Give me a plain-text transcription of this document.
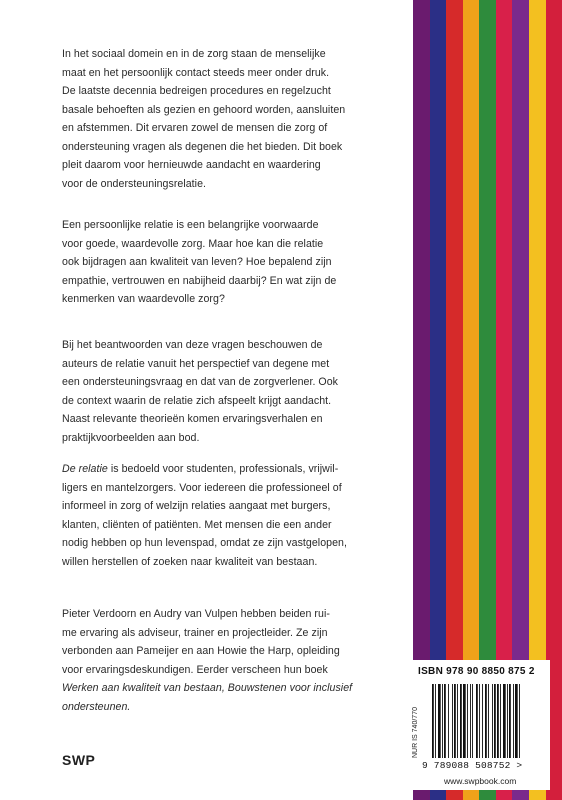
In het sociaal domein en in de zorg staan de menselijke

maat en het persoonlijk contact steeds meer onder druk.

De laatste decennia bedreigen procedures en regelzucht

basale behoeften als gezien en gehoord worden, aansluiten

en afstemmen. Dit ervaren zowel de mensen die zorg of

ondersteuning vragen als degenen die het bieden. Dit boek

pleit daarom voor hernieuwde aandacht en waardering

voor de ondersteuningsrelatie.

Een persoonlijke relatie is een belangrijke voorwaarde

voor goede, waardevolle zorg. Maar hoe kan die relatie

ook bijdragen aan kwaliteit van leven? Hoe bepalend zijn

empathie, vertrouwen en nabijheid daarbij? En wat zijn de

kenmerken van waardevolle zorg?

Bij het beantwoorden van deze vragen beschouwen de

auteurs de relatie vanuit het perspectief van degene met

een ondersteuningsvraag en dat van de zorgverlener. Ook

de context waarin de relatie zich afspeelt krijgt aandacht.

Naast relevante theorieën komen ervaringsverhalen en

praktijkvoorbeelden aan bod.

De relatie is bedoeld voor studenten, professionals, vrijwil-

ligers en mantelzorgers. Voor iedereen die professioneel of

informeel in zorg of welzijn relaties aangaat met burgers,

klanten, cliënten of patiënten. Met mensen die een ander

nodig hebben op hun levenspad, omdat ze zijn vastgelopen,

willen herstellen of zoeken naar kwaliteit van bestaan.

Pieter Verdoorn en Audry van Vulpen hebben beiden rui-

me ervaring als adviseur, trainer en projectleider. Ze zijn

verbonden aan Pameijer en aan Howie the Harp, opleiding

voor ervaringsdeskundigen. Eerder verscheen hun boek

Werken aan kwaliteit van bestaan, Bouwstenen voor inclusief

ondersteunen.

ISBN 978 90 8850 875 2
NUR IS 740/770
9 789088 508752 >
www.swpbook.com
SWP
